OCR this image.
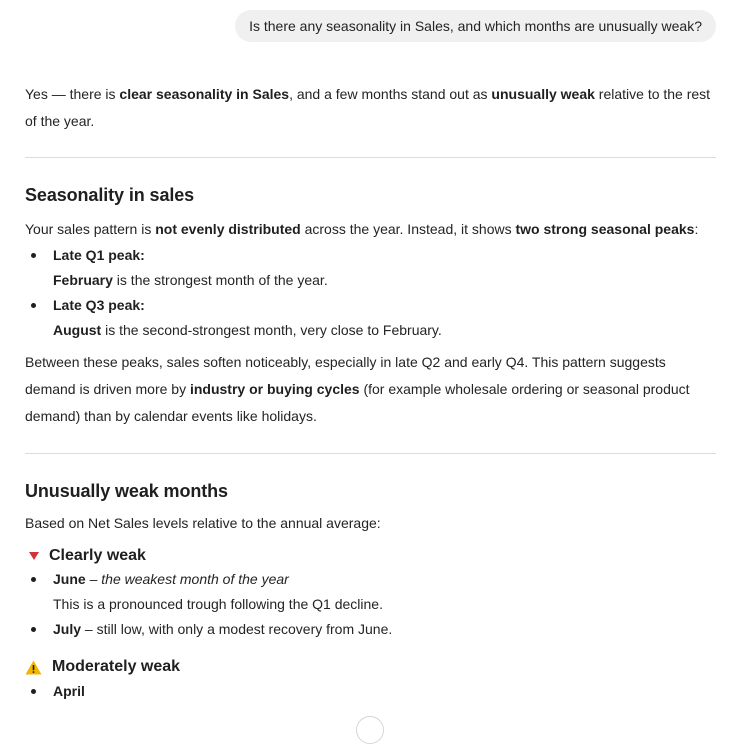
Is there any seasonality in Sales, and which months are unusually weak?

Yes — there is clear seasonality in Sales, and a few months stand out as unusually weak relative to the rest of the year.

Seasonality in sales

Your sales pattern is not evenly distributed across the year. Instead, it shows two strong seasonal peaks:

Late Q1 peak:
February is the strongest month of the year.
Late Q3 peak:
August is the second-strongest month, very close to February.

Between these peaks, sales soften noticeably, especially in late Q2 and early Q4. This pattern suggests demand is driven more by industry or buying cycles (for example wholesale ordering or seasonal product demand) than by calendar events like holidays.

Unusually weak months

Based on Net Sales levels relative to the annual average:

Clearly weak
June – the weakest month of the year
This is a pronounced trough following the Q1 decline.
July – still low, with only a modest recovery from June.
Moderately weak
April
